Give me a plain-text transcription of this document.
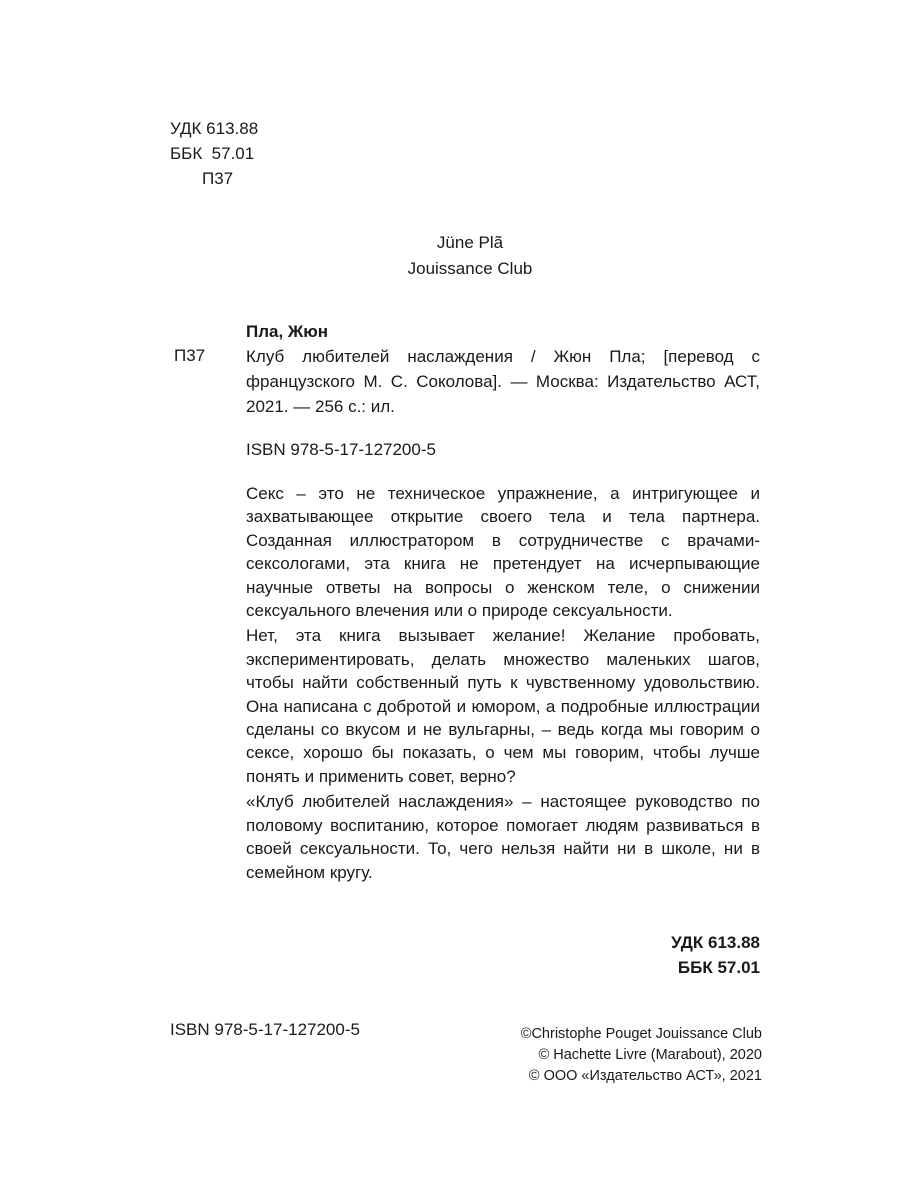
УДК 613.88
ББК  57.01
П37
Jüne Plã
Jouissance Club
Пла, Жюн
П37 Клуб любителей наслаждения / Жюн Пла; [перевод с французского М. С. Соколова]. — Москва: Издательство АСТ, 2021. — 256 с.: ил.
ISBN 978-5-17-127200-5

Секс – это не техническое упражнение, а интригующее и захватывающее открытие своего тела и тела партнера. Созданная иллюстратором в сотрудничестве с врачами-сексологами, эта книга не претендует на исчерпывающие научные ответы на вопросы о женском теле, о снижении сексуального влечения или о природе сексуальности.

Нет, эта книга вызывает желание! Желание пробовать, экспериментировать, делать множество маленьких шагов, чтобы найти собственный путь к чувственному удовольствию. Она написана с добротой и юмором, а подробные иллюстрации сделаны со вкусом и не вульгарны, – ведь когда мы говорим о сексе, хорошо бы показать, о чем мы говорим, чтобы лучше понять и применить совет, верно?

«Клуб любителей наслаждения» – настоящее руководство по половому воспитанию, которое помогает людям развиваться в своей сексуальности. То, чего нельзя найти ни в школе, ни в семейном кругу.

УДК 613.88
ББК 57.01
ISBN 978-5-17-127200-5	©Christophe Pouget Jouissance Club
© Hachette Livre (Marabout), 2020
© ООО «Издательство АСТ», 2021
